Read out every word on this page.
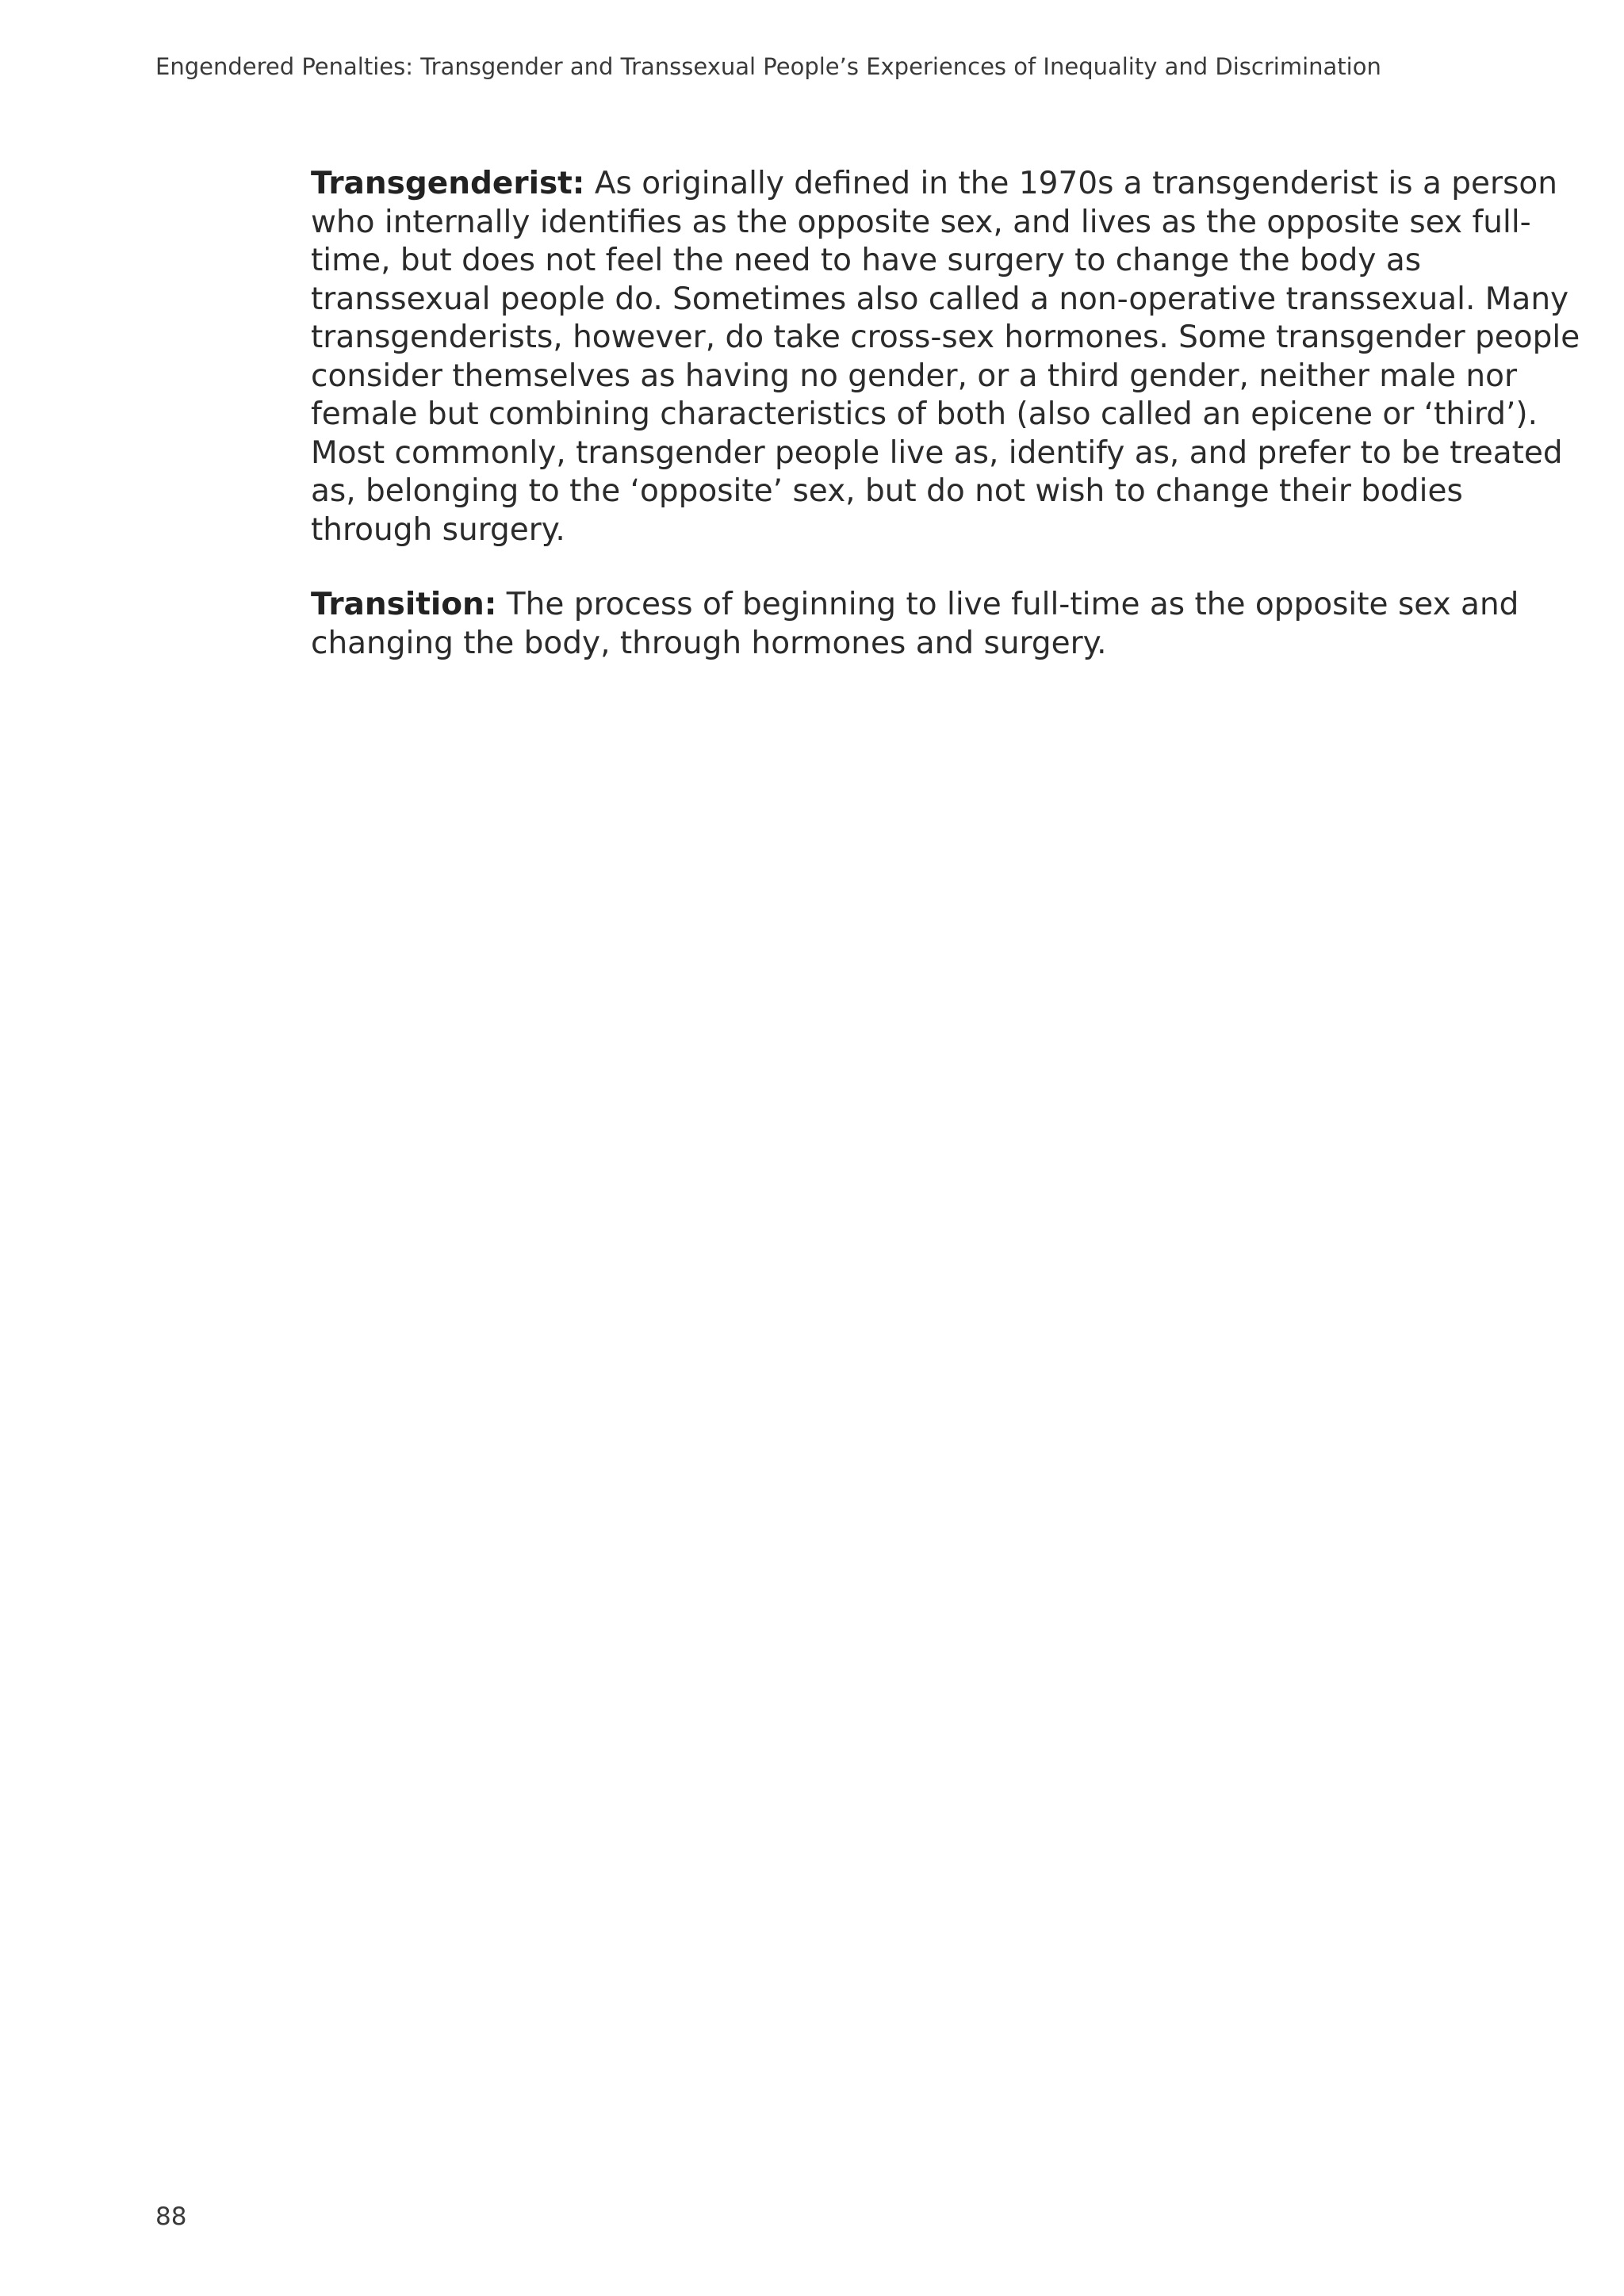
Engendered Penalties: Transgender and Transsexual People’s Experiences of Inequality and Discrimination

Transgenderist: As originally defined in the 1970s a transgenderist is a person
who internally identifies as the opposite sex, and lives as the opposite sex full-
time, but does not feel the need to have surgery to change the body as
transsexual people do. Sometimes also called a non-operative transsexual. Many
transgenderists, however, do take cross-sex hormones. Some transgender people
consider themselves as having no gender, or a third gender, neither male nor
female but combining characteristics of both (also called an epicene or ‘third’).
Most commonly, transgender people live as, identify as, and prefer to be treated
as, belonging to the ‘opposite’ sex, but do not wish to change their bodies
through surgery.

Transition: The process of beginning to live full-time as the opposite sex and
changing the body, through hormones and surgery.

88
